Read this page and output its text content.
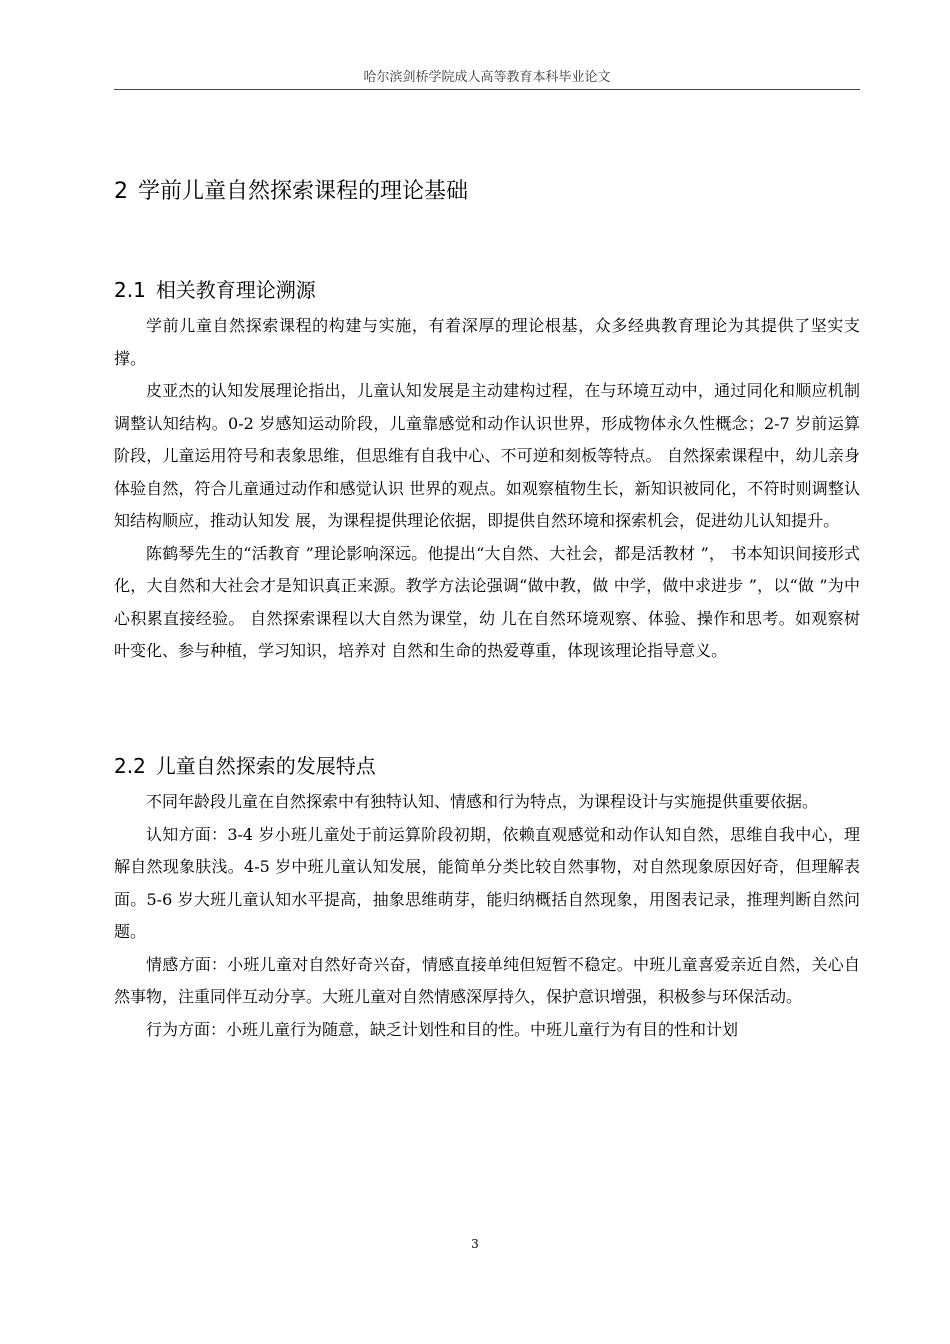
哈尔滨剑桥学院成人高等教育本科毕业论文
2 学前儿童自然探索课程的理论基础
2.1 相关教育理论溯源

学前儿童自然探索课程的构建与实施，有着深厚的理论根基，众多经典教育理论为其提供了坚实支撑。

皮亚杰的认知发展理论指出，儿童认知发展是主动建构过程，在与环境互动中，通过同化和顺应机制调整认知结构。0-2 岁感知运动阶段，儿童靠感觉和动作认识世界，形成物体永久性概念；2-7 岁前运算阶段，儿童运用符号和表象思维，但思维有自我中心、不可逆和刻板等特点。 自然探索课程中，幼儿亲身体验自然，符合儿童通过动作和感觉认识 世界的观点。如观察植物生长，新知识被同化，不符时则调整认知结构顺应，推动认知发 展，为课程提供理论依据，即提供自然环境和探索机会，促进幼儿认知提升。

陈鹤琴先生的“活教育 ”理论影响深远。他提出“大自然、大社会，都是活教材 ”， 书本知识间接形式化，大自然和大社会才是知识真正来源。教学方法论强调“做中教，做 中学，做中求进步 ”，以“做 ”为中心积累直接经验。 自然探索课程以大自然为课堂，幼 儿在自然环境观察、体验、操作和思考。如观察树叶变化、参与种植，学习知识，培养对 自然和生命的热爱尊重，体现该理论指导意义。

2.2 儿童自然探索的发展特点

不同年龄段儿童在自然探索中有独特认知、情感和行为特点，为课程设计与实施提供重要依据。

认知方面：3-4 岁小班儿童处于前运算阶段初期，依赖直观感觉和动作认知自然，思维自我中心，理解自然现象肤浅。4-5 岁中班儿童认知发展，能简单分类比较自然事物，对自然现象原因好奇，但理解表面。5-6 岁大班儿童认知水平提高，抽象思维萌芽，能归纳概括自然现象，用图表记录，推理判断自然问题。

情感方面：小班儿童对自然好奇兴奋，情感直接单纯但短暂不稳定。中班儿童喜爱亲近自然，关心自然事物，注重同伴互动分享。大班儿童对自然情感深厚持久，保护意识增强，积极参与环保活动。

行为方面：小班儿童行为随意，缺乏计划性和目的性。中班儿童行为有目的性和计划

3
